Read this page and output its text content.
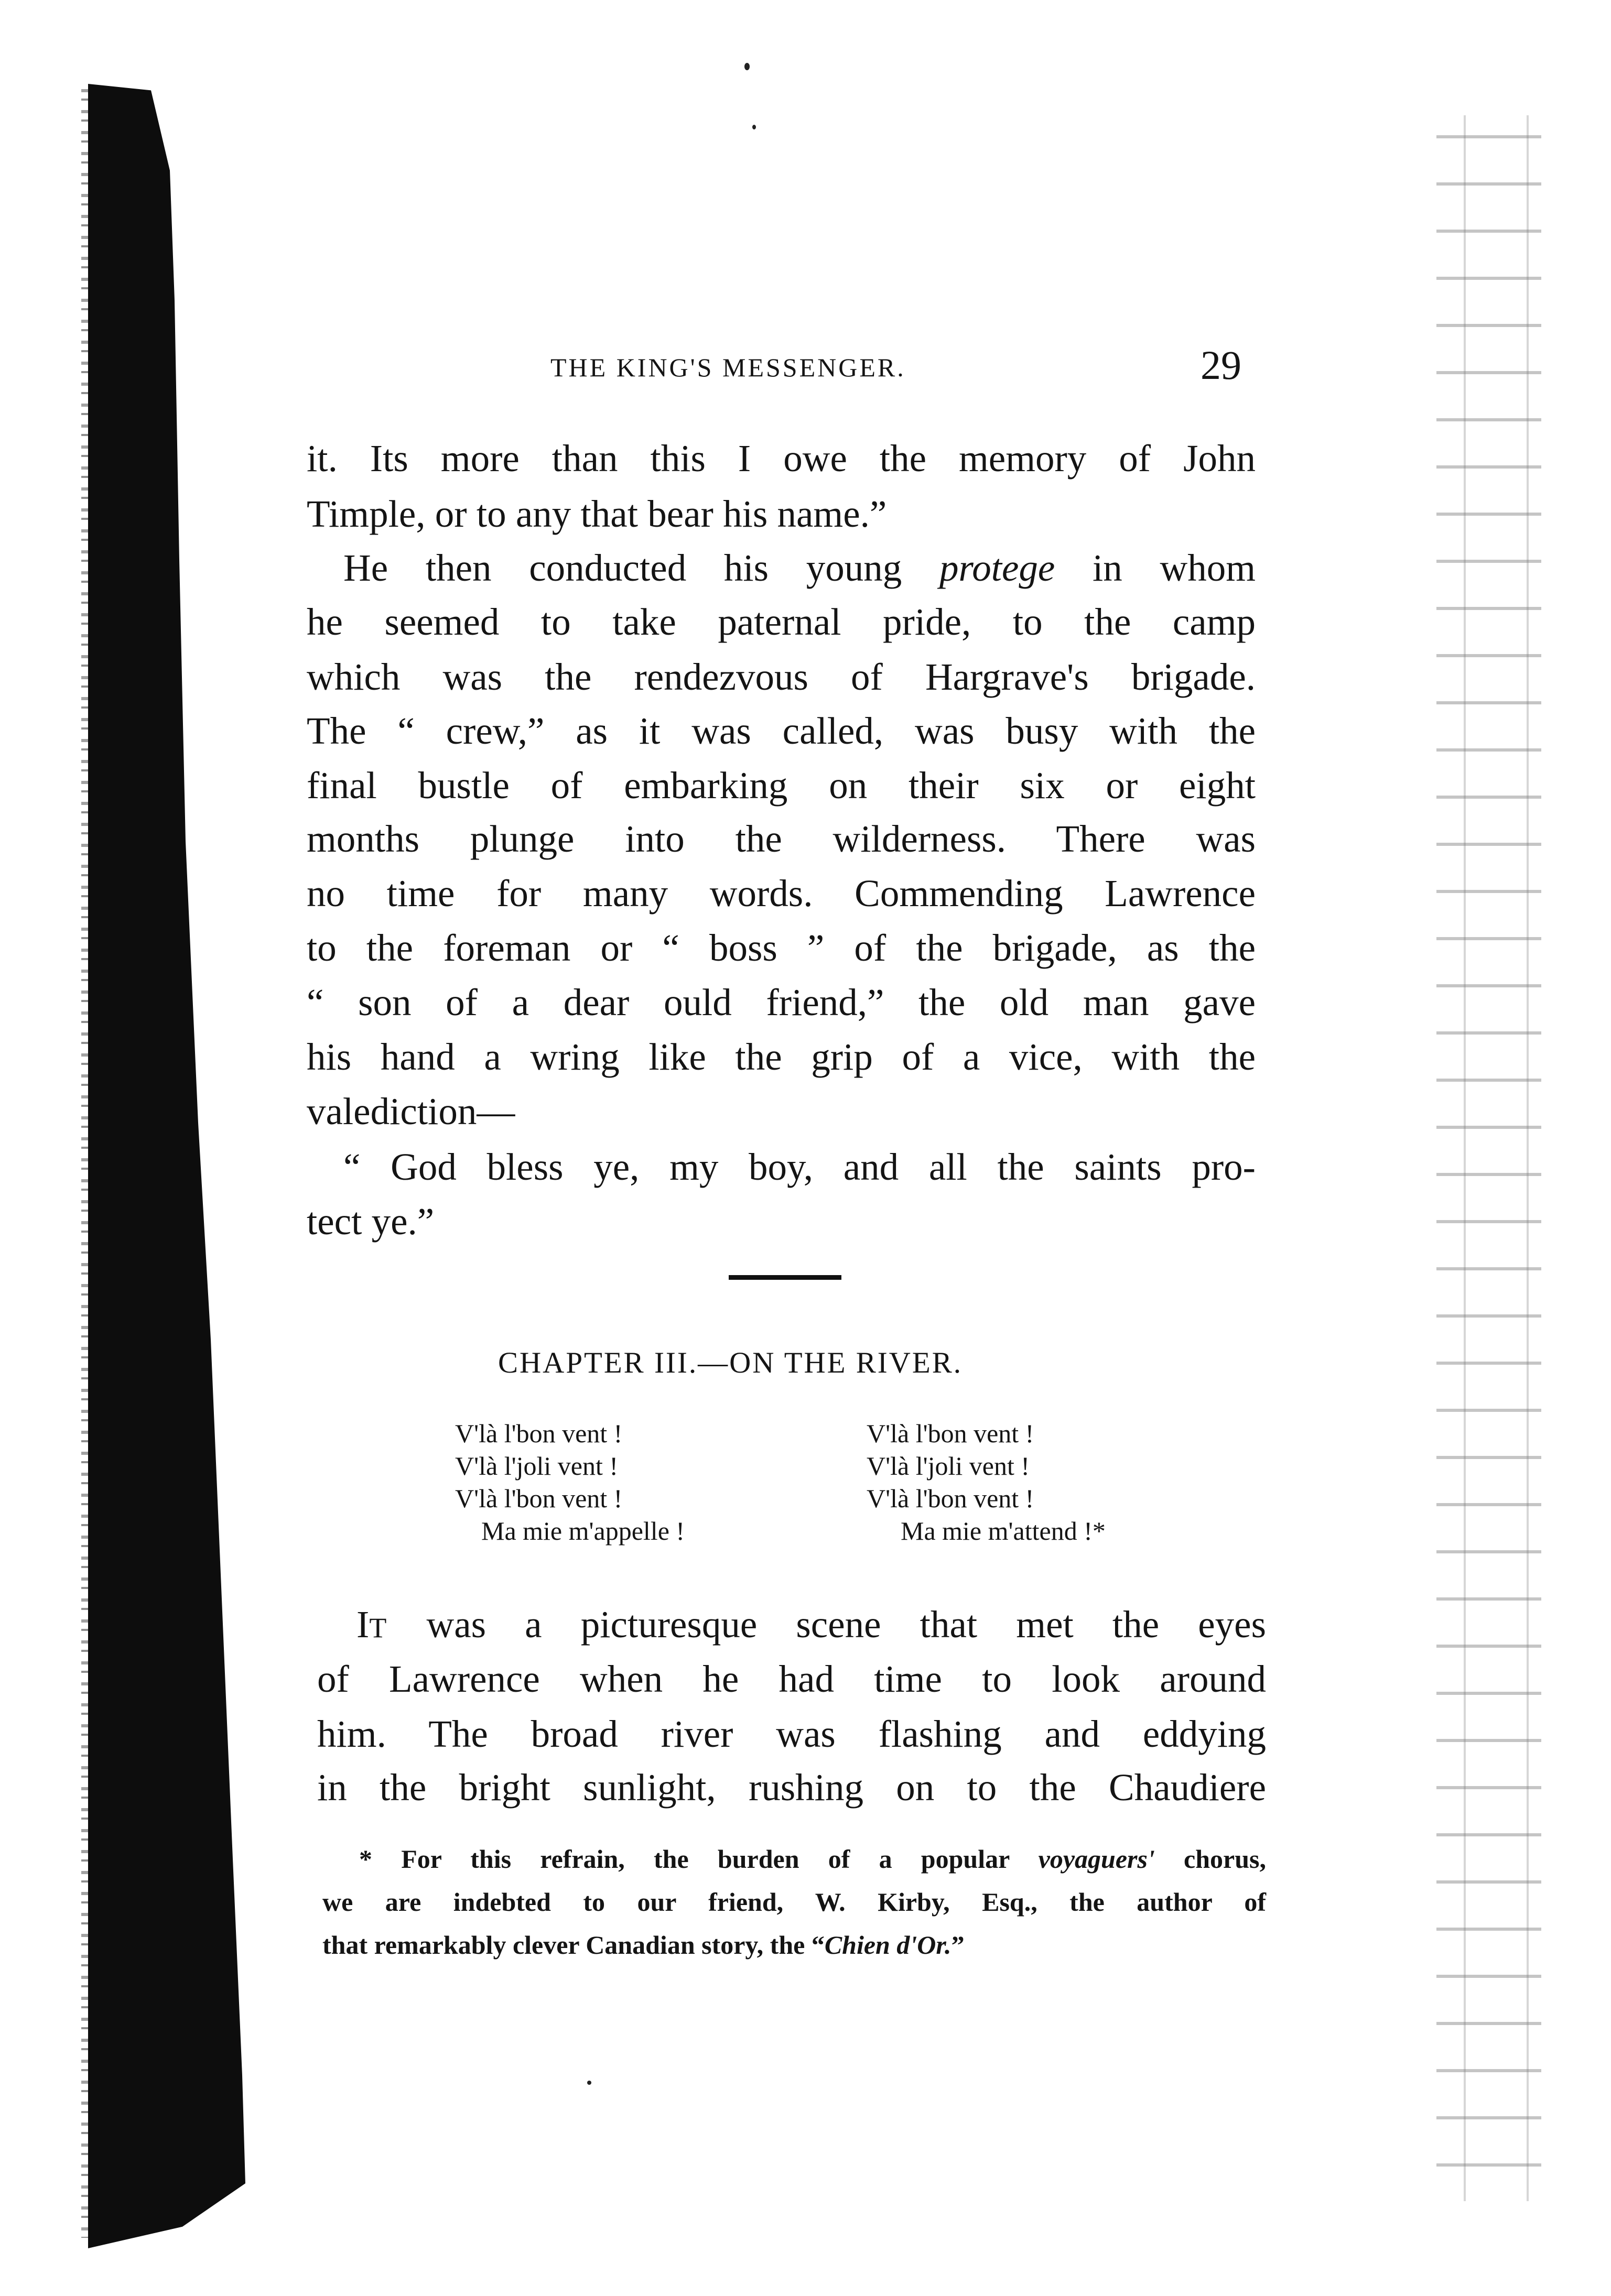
THE KING'S MESSENGER.	29
it. Its more than this I owe the memory of John
Timple, or to any that bear his name.”
He then conducted his young protege in whom
he seemed to take paternal pride, to the camp
which was the rendezvous of Hargrave's brigade.
The “ crew,” as it was called, was busy with the
final bustle of embarking on their six or eight
months plunge into the wilderness. There was
no time for many words. Commending Lawrence
to the foreman or “ boss ” of the brigade, as the
“ son of a dear ould friend,” the old man gave
his hand a wring like the grip of a vice, with the
valediction—
“ God bless ye, my boy, and all the saints pro-
tect ye.”
CHAPTER III.—ON THE RIVER.
V'là l'bon vent !
V'là l'joli vent !
V'là l'bon vent !
Ma mie m'appelle !
V'là l'bon vent !
V'là l'joli vent !
V'là l'bon vent !
Ma mie m'attend !*
IT was a picturesque scene that met the eyes
of Lawrence when he had time to look around
him. The broad river was flashing and eddying
in the bright sunlight, rushing on to the Chaudiere
* For this refrain, the burden of a popular voyaguers' chorus,
we are indebted to our friend, W. Kirby, Esq., the author of
that remarkably clever Canadian story, the “Chien d'Or.”
